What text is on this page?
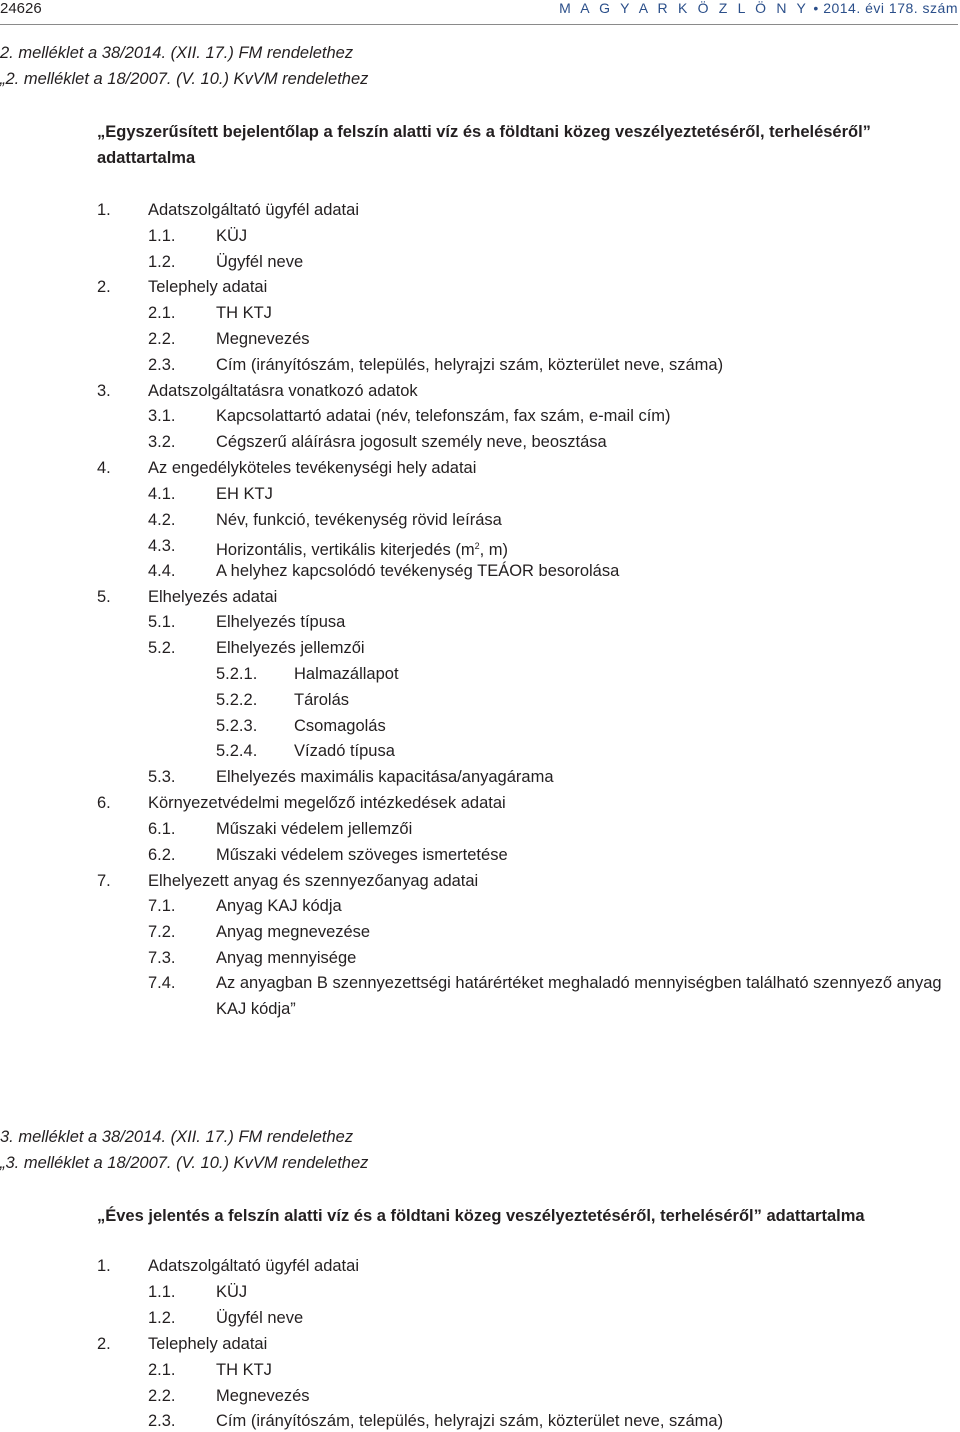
24626	M A G Y A R K Ö Z L Ö N Y • 2014. évi 178. szám
2. melléklet a 38/2014. (XII. 17.) FM rendelethez
„2. melléklet a 18/2007. (V. 10.) KvVM rendelethez
„Egyszerűsített bejelentőlap a felszín alatti víz és a földtani közeg veszélyeztetéséről, terheléséről”
adattartalma
1. Adatszolgáltató ügyfél adatai
1.1. KÜJ
1.2. Ügyfél neve
2. Telephely adatai
2.1. TH KTJ
2.2. Megnevezés
2.3. Cím (irányítószám, település, helyrajzi szám, közterület neve, száma)
3. Adatszolgáltatásra vonatkozó adatok
3.1. Kapcsolattartó adatai (név, telefonszám, fax szám, e-mail cím)
3.2. Cégszerű aláírásra jogosult személy neve, beosztása
4. Az engedélyköteles tevékenységi hely adatai
4.1. EH KTJ
4.2. Név, funkció, tevékenység rövid leírása
4.3. Horizontális, vertikális kiterjedés ($m^2$, m)
4.4. A helyhez kapcsolódó tevékenység TEÁOR besorolása
5. Elhelyezés adatai
5.1. Elhelyezés típusa
5.2. Elhelyezés jellemzői
5.2.1. Halmazállapot
5.2.2. Tárolás
5.2.3. Csomagolás
5.2.4. Vízadó típusa
5.3. Elhelyezés maximális kapacitása/anyagárama
6. Környezetvédelmi megelőző intézkedések adatai
6.1. Műszaki védelem jellemzői
6.2. Műszaki védelem szöveges ismertetése
7. Elhelyezett anyag és szennyezőanyag adatai
7.1. Anyag KAJ kódja
7.2. Anyag megnevezése
7.3. Anyag mennyisége
7.4. Az anyagban B szennyezettségi határértéket meghaladó mennyiségben található szennyező anyag KAJ kódja”
3. melléklet a 38/2014. (XII. 17.) FM rendelethez
„3. melléklet a 18/2007. (V. 10.) KvVM rendelethez
„Éves jelentés a felszín alatti víz és a földtani közeg veszélyeztetéséről, terheléséről” adattartalma
1. Adatszolgáltató ügyfél adatai
1.1. KÜJ
1.2. Ügyfél neve
2. Telephely adatai
2.1. TH KTJ
2.2. Megnevezés
2.3. Cím (irányítószám, település, helyrajzi szám, közterület neve, száma)
